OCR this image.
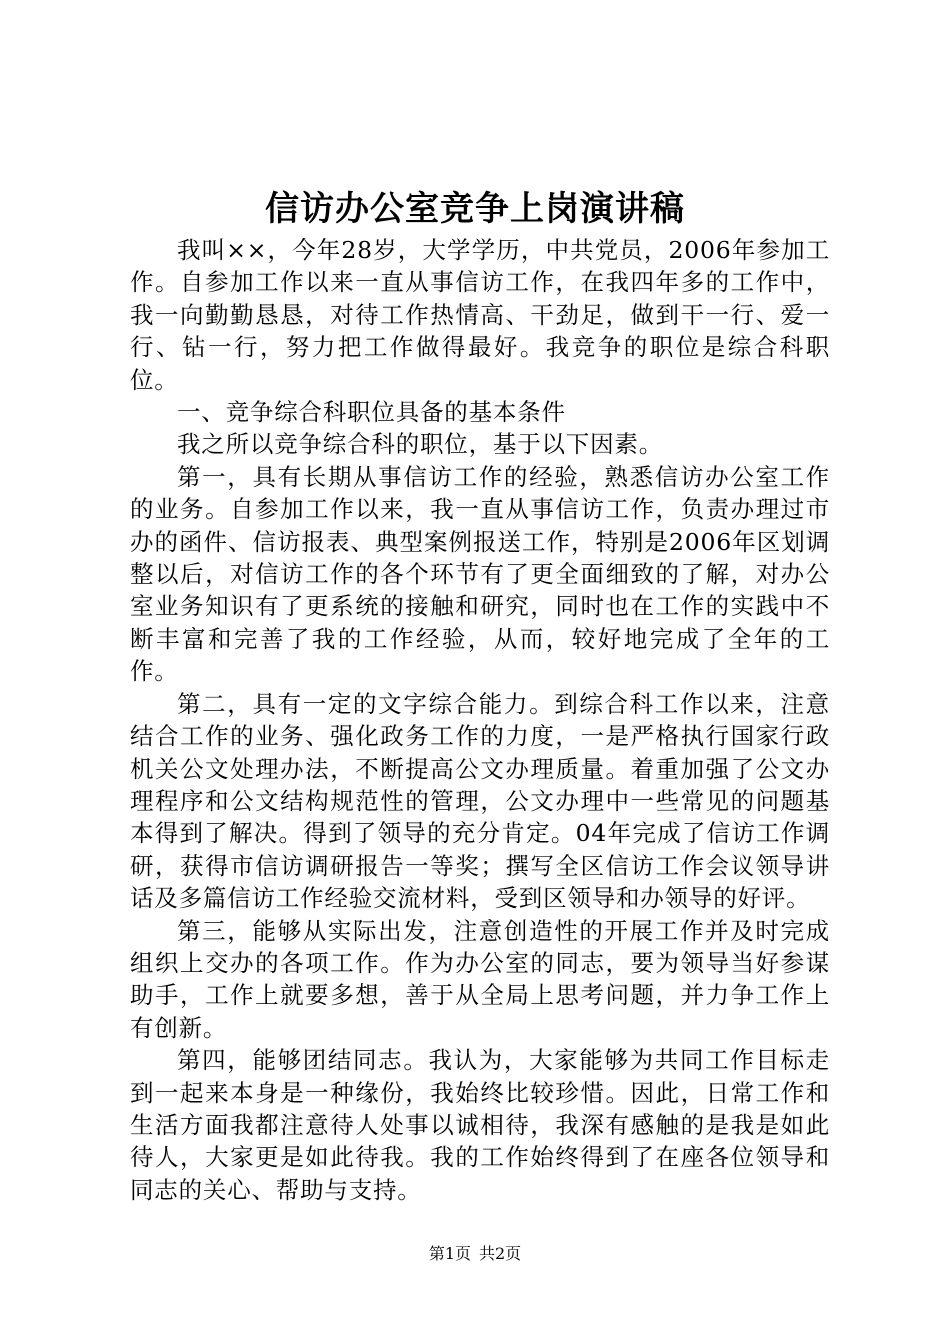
信访办公室竞争上岗演讲稿

我叫××，今年28岁，大学学历，中共党员，2006年参加工作。自参加工作以来一直从事信访工作，在我四年多的工作中，我一向勤勤恳恳，对待工作热情高、干劲足，做到干一行、爱一行、钻一行，努力把工作做得最好。我竞争的职位是综合科职位。

一、竞争综合科职位具备的基本条件

我之所以竞争综合科的职位，基于以下因素。

第一，具有长期从事信访工作的经验，熟悉信访办公室工作的业务。自参加工作以来，我一直从事信访工作，负责办理过市办的函件、信访报表、典型案例报送工作，特别是2006年区划调整以后，对信访工作的各个环节有了更全面细致的了解，对办公室业务知识有了更系统的接触和研究，同时也在工作的实践中不断丰富和完善了我的工作经验，从而，较好地完成了全年的工作。

第二，具有一定的文字综合能力。到综合科工作以来，注意结合工作的业务、强化政务工作的力度，一是严格执行国家行政机关公文处理办法，不断提高公文办理质量。着重加强了公文办理程序和公文结构规范性的管理，公文办理中一些常见的问题基本得到了解决。得到了领导的充分肯定。04年完成了信访工作调研，获得市信访调研报告一等奖；撰写全区信访工作会议领导讲话及多篇信访工作经验交流材料，受到区领导和办领导的好评。

第三，能够从实际出发，注意创造性的开展工作并及时完成组织上交办的各项工作。作为办公室的同志，要为领导当好参谋助手，工作上就要多想，善于从全局上思考问题，并力争工作上有创新。

第四，能够团结同志。我认为，大家能够为共同工作目标走到一起来本身是一种缘份，我始终比较珍惜。因此，日常工作和生活方面我都注意待人处事以诚相待，我深有感触的是我是如此待人，大家更是如此待我。我的工作始终得到了在座各位领导和同志的关心、帮助与支持。

第1页 共2页
